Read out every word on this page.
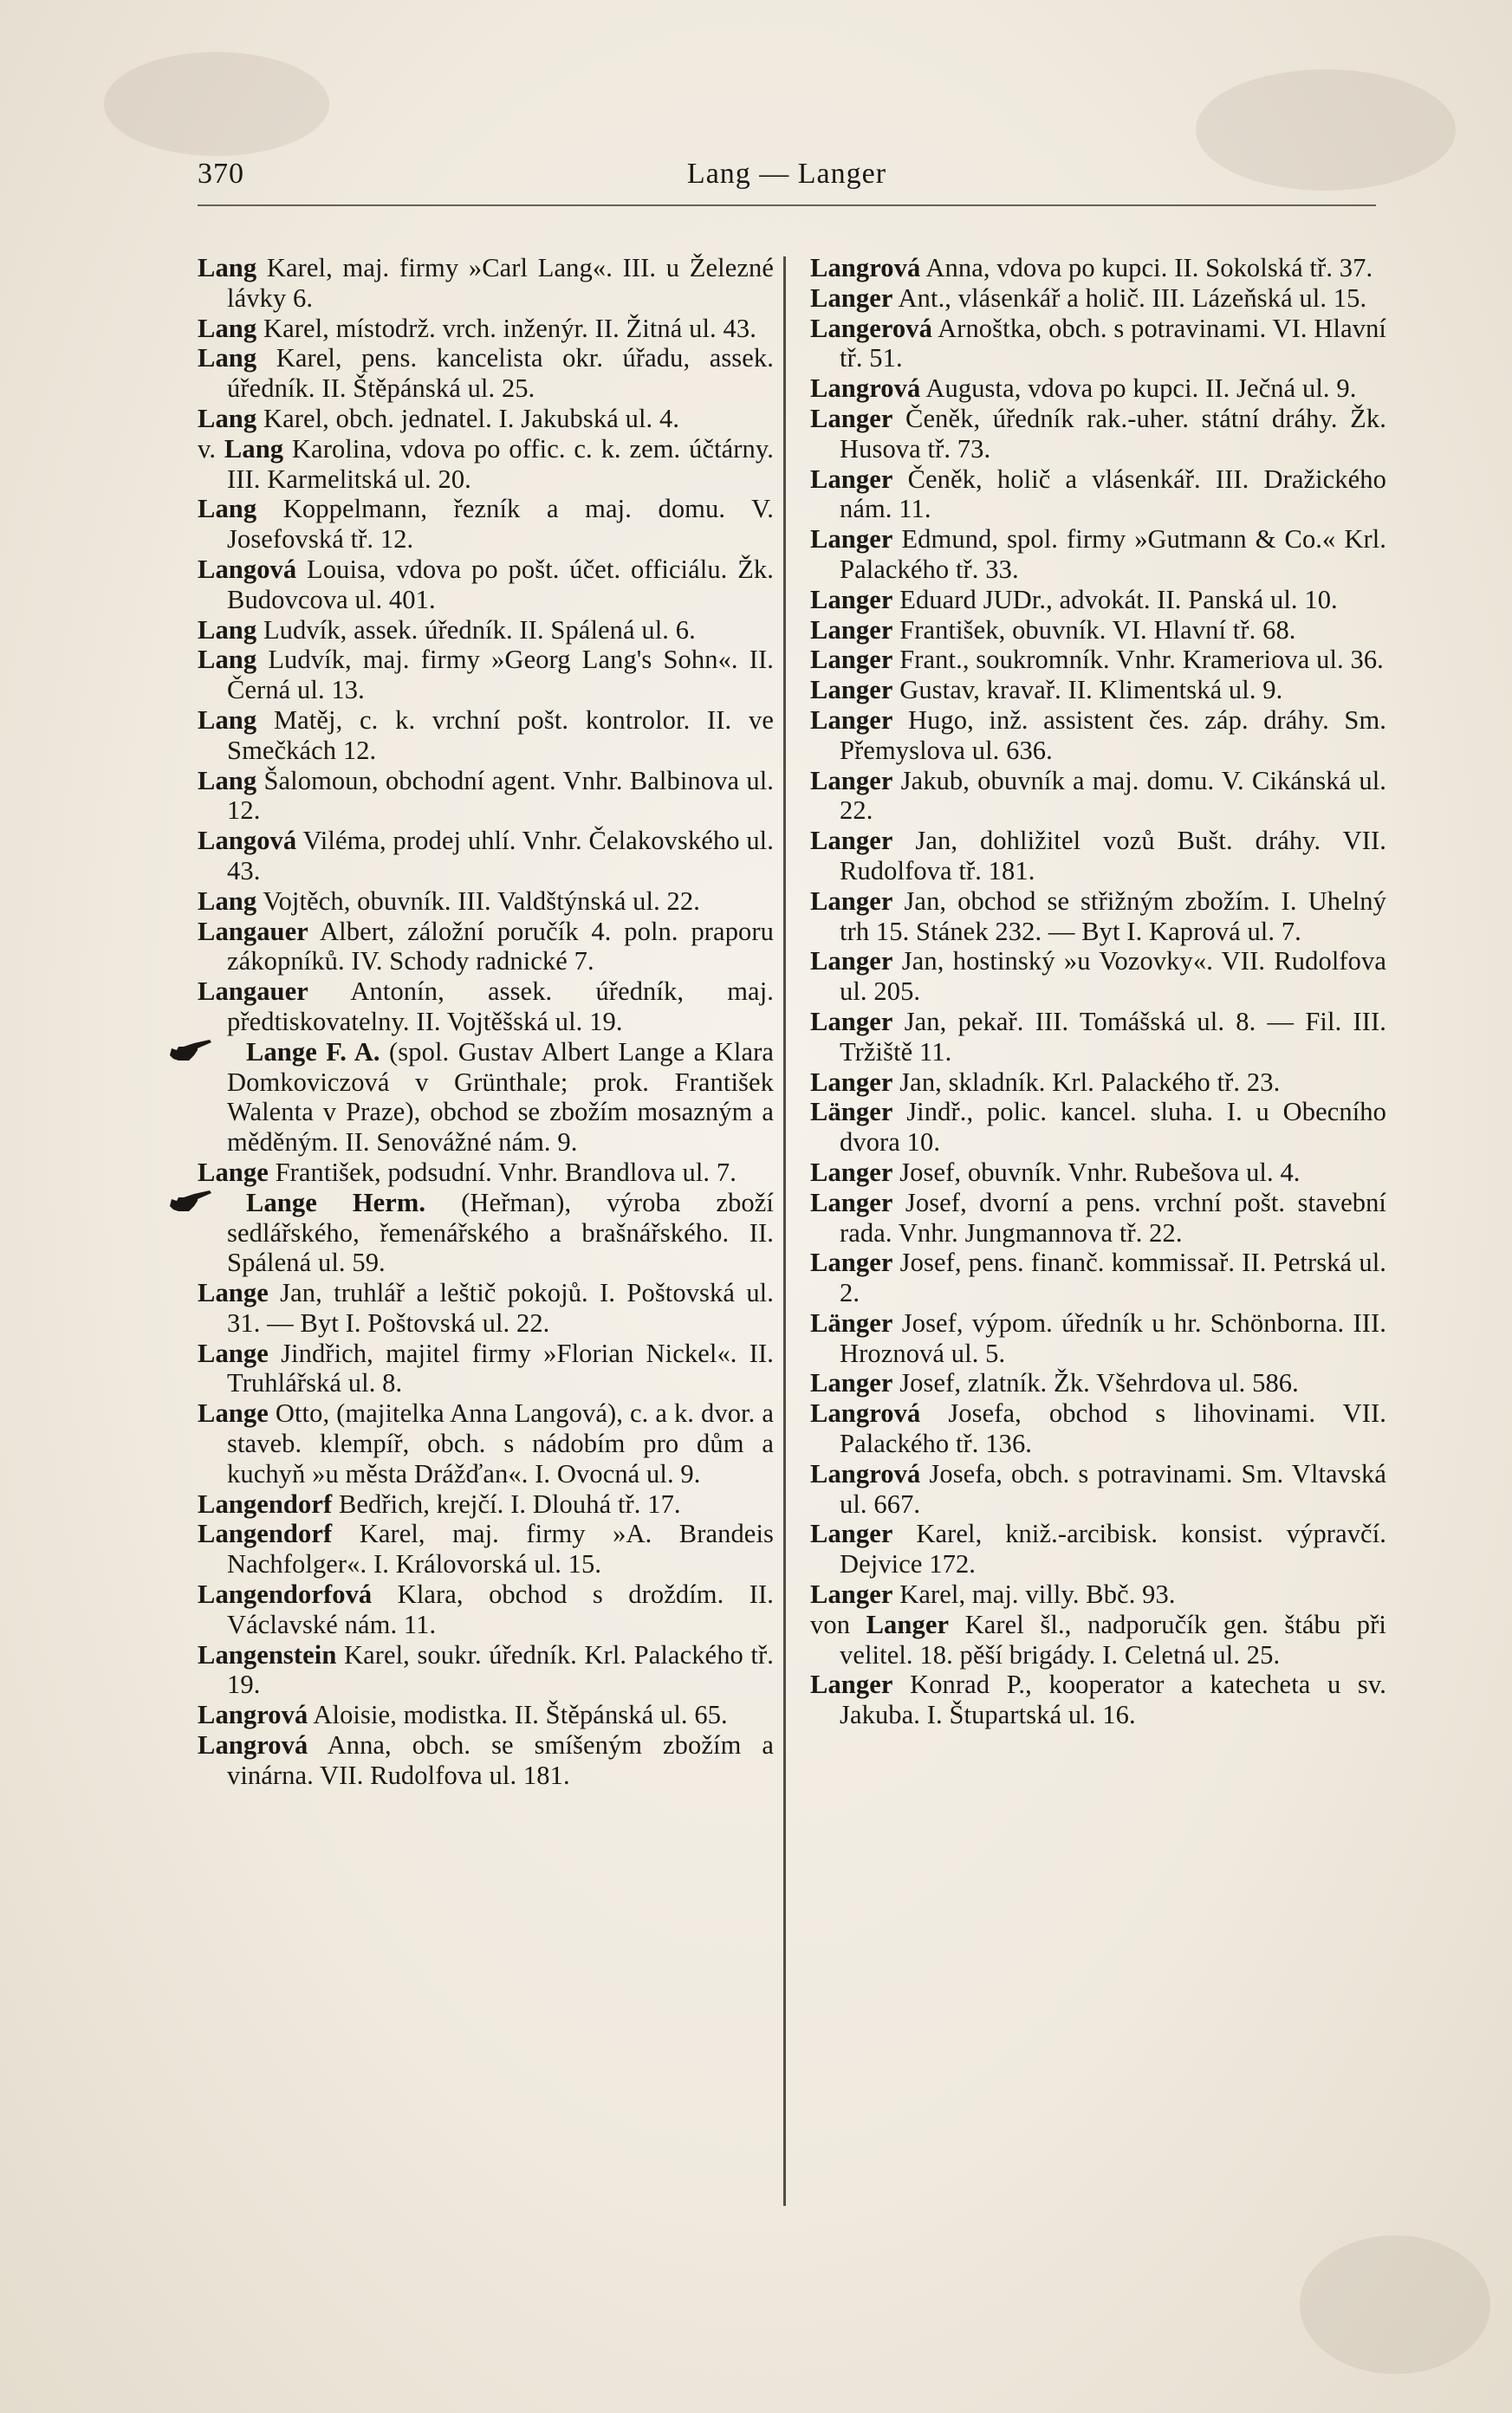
370	Lang — Langer

Lang Karel, maj. firmy »Carl Lang«. III. u Železné lávky 6.

Lang Karel, místodrž. vrch. inženýr. II. Žitná ul. 43.

Lang Karel, pens. kancelista okr. úřadu, assek. úředník. II. Štěpánská ul. 25.

Lang Karel, obch. jednatel. I. Jakubská ul. 4.

v. Lang Karolina, vdova po offic. c. k. zem. účtárny. III. Karmelitská ul. 20.

Lang Koppelmann, řezník a maj. domu. V. Josefovská tř. 12.

Langová Louisa, vdova po pošt. účet. officiálu. Žk. Budovcova ul. 401.

Lang Ludvík, assek. úředník. II. Spálená ul. 6.

Lang Ludvík, maj. firmy »Georg Lang's Sohn«. II. Černá ul. 13.

Lang Matěj, c. k. vrchní pošt. kontrolor. II. ve Smečkách 12.

Lang Šalomoun, obchodní agent. Vnhr. Balbinova ul. 12.

Langová Viléma, prodej uhlí. Vnhr. Čelakovského ul. 43.

Lang Vojtěch, obuvník. III. Valdštýnská ul. 22.

Langauer Albert, záložní poručík 4. poln. praporu zákopníků. IV. Schody radnické 7.

Langauer Antonín, assek. úředník, maj. předtiskovatelny. II. Vojtěšská ul. 19.

Lange F. A. (spol. Gustav Albert Lange a Klara Domkoviczová v Grünthale; prok. František Walenta v Praze), obchod se zbožím mosazným a měděným. II. Senovážné nám. 9.

Lange František, podsudní. Vnhr. Brandlova ul. 7.

Lange Herm. (Heřman), výroba zboží sedlářského, řemenářského a brašnářského. II. Spálená ul. 59.

Lange Jan, truhlář a leštič pokojů. I. Poštovská ul. 31. — Byt I. Poštovská ul. 22.

Lange Jindřich, majitel firmy »Florian Nickel«. II. Truhlářská ul. 8.

Lange Otto, (majitelka Anna Langová), c. a k. dvor. a staveb. klempíř, obch. s nádobím pro dům a kuchyň »u města Drážďan«. I. Ovocná ul. 9.

Langendorf Bedřich, krejčí. I. Dlouhá tř. 17.

Langendorf Karel, maj. firmy »A. Brandeis Nachfolger«. I. Královorská ul. 15.

Langendorfová Klara, obchod s droždím. II. Václavské nám. 11.

Langenstein Karel, soukr. úředník. Krl. Palackého tř. 19.

Langrová Aloisie, modistka. II. Štěpánská ul. 65.

Langrová Anna, obch. se smíšeným zbožím a vinárna. VII. Rudolfova ul. 181.

Langrová Anna, vdova po kupci. II. Sokolská tř. 37.

Langer Ant., vlásenkář a holič. III. Lázeňská ul. 15.

Langerová Arnoštka, obch. s potravinami. VI. Hlavní tř. 51.

Langrová Augusta, vdova po kupci. II. Ječná ul. 9.

Langer Čeněk, úředník rak.-uher. státní dráhy. Žk. Husova tř. 73.

Langer Čeněk, holič a vlásenkář. III. Dražického nám. 11.

Langer Edmund, spol. firmy »Gutmann & Co.« Krl. Palackého tř. 33.

Langer Eduard JUDr., advokát. II. Panská ul. 10.

Langer František, obuvník. VI. Hlavní tř. 68.

Langer Frant., soukromník. Vnhr. Krameriova ul. 36.

Langer Gustav, kravař. II. Klimentská ul. 9.

Langer Hugo, inž. assistent čes. záp. dráhy. Sm. Přemyslova ul. 636.

Langer Jakub, obuvník a maj. domu. V. Cikánská ul. 22.

Langer Jan, dohližitel vozů Bušt. dráhy. VII. Rudolfova tř. 181.

Langer Jan, obchod se střižným zbožím. I. Uhelný trh 15. Stánek 232. — Byt I. Kaprová ul. 7.

Langer Jan, hostinský »u Vozovky«. VII. Rudolfova ul. 205.

Langer Jan, pekař. III. Tomášská ul. 8. — Fil. III. Tržiště 11.

Langer Jan, skladník. Krl. Palackého tř. 23.

Länger Jindř., polic. kancel. sluha. I. u Obecního dvora 10.

Langer Josef, obuvník. Vnhr. Rubešova ul. 4.

Langer Josef, dvorní a pens. vrchní pošt. stavební rada. Vnhr. Jungmannova tř. 22.

Langer Josef, pens. finanč. kommissař. II. Petrská ul. 2.

Länger Josef, výpom. úředník u hr. Schönborna. III. Hroznová ul. 5.

Langer Josef, zlatník. Žk. Všehrdova ul. 586.

Langrová Josefa, obchod s lihovinami. VII. Palackého tř. 136.

Langrová Josefa, obch. s potravinami. Sm. Vltavská ul. 667.

Langer Karel, kniž.-arcibisk. konsist. výpravčí. Dejvice 172.

Langer Karel, maj. villy. Bbč. 93.

von Langer Karel šl., nadporučík gen. štábu při velitel. 18. pěší brigády. I. Celetná ul. 25.

Langer Konrad P., kooperator a katecheta u sv. Jakuba. I. Štupartská ul. 16.
